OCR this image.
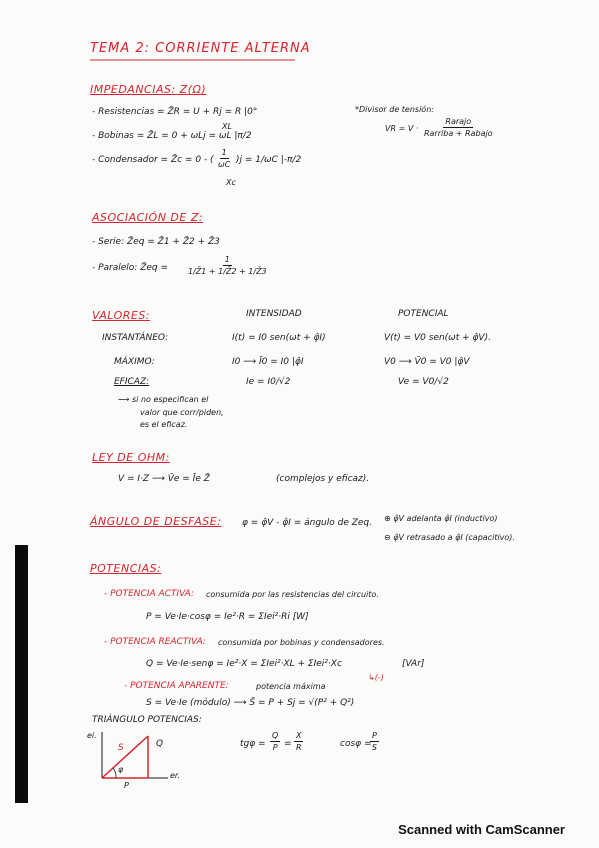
TEMA 2: CORRIENTE ALTERNA
IMPEDANCIAS: Z(Ω)
- Resistencias = Z̄R = U + Rj = R |0°
XL
- Bobinas = Z̄L = 0 + ωLj = ωL |π/2
- Condensador = Z̄c = 0 - ( $\frac{1}{\omega C} )j = 1/\omega C$ |-π/2
Xc
*Divisor de tensión:
VR = V ·
Rarajo
Rarriba + Rabajo
ASOCIACIÓN DE Z:
- Serie: Z̄eq = Z̄1 + Z̄2 + Z̄3
- Paralelo: Z̄eq = $\frac{1}{1/Z̄1 + 1/Z̄2 + 1/Z̄3}$
VALORES:	INTENSIDAD	POTENCIAL
INSTANTÁNEO:	I(t) = I0 sen(ωt + φ̂I)	V(t) = V0 sen(ωt + φ̂V).
MÁXIMO:	I0 ⟶ Ī0 = I0 |φ̂I	V0 ⟶ V̄0 = V0 |φ̂V
EFICAZ:	Ie = I0/√2	Ve = V0/√2
⟶ si no especifican el
valor que corr/piden,
es el eficaz.
LEY DE OHM:
V = I·Z ⟶ V̄e = Īe Z̄	(complejos y eficaz).
ÁNGULO DE DESFASE: φ = φ̂V - φ̂I = ángulo de Zeq. ⊕ φ̂V adelanta φ̂I (inductivo)
⊖ φ̂V retrasado a φ̂I (capacitivo).
POTENCIAS:
- POTENCIA ACTIVA: consumida por las resistencias del circuito.
P = Ve·Ie·cosφ = Ie²·R = ΣIei²·Ri [W]
- POTENCIA REACTIVA: consumida por bobinas y condensadores.
Q = Ve·Ie·senφ = Ie²·X = ΣIei²·XL + ΣIei²·Xc	[VAr]
↳(-)
- POTENCIA APARENTE:	potencia máxima
S = Ve·Ie (módulo) ⟶ S̄ = P + Sj = √(P² + Q²)
TRIÁNGULO POTENCIAS:
ei.
er.
S	Q
P
φ
$tg\varphi = \frac{Q}{P} = \frac{X}{R}$	cosφ =
$\frac{P}{S}$
Scanned with CamScanner
